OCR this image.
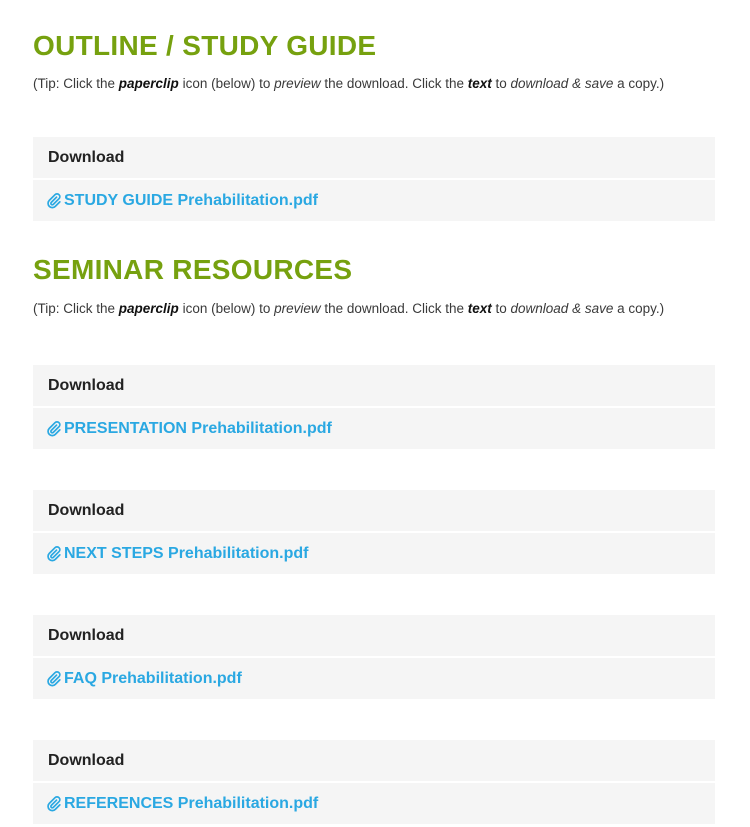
OUTLINE / STUDY GUIDE

(Tip: Click the paperclip icon (below) to preview the download. Click the text to download & save a copy.)

Download
STUDY GUIDE Prehabilitation.pdf
SEMINAR RESOURCES

(Tip: Click the paperclip icon (below) to preview the download. Click the text to download & save a copy.)

Download
PRESENTATION Prehabilitation.pdf
Download
NEXT STEPS Prehabilitation.pdf
Download
FAQ Prehabilitation.pdf
Download
REFERENCES Prehabilitation.pdf
